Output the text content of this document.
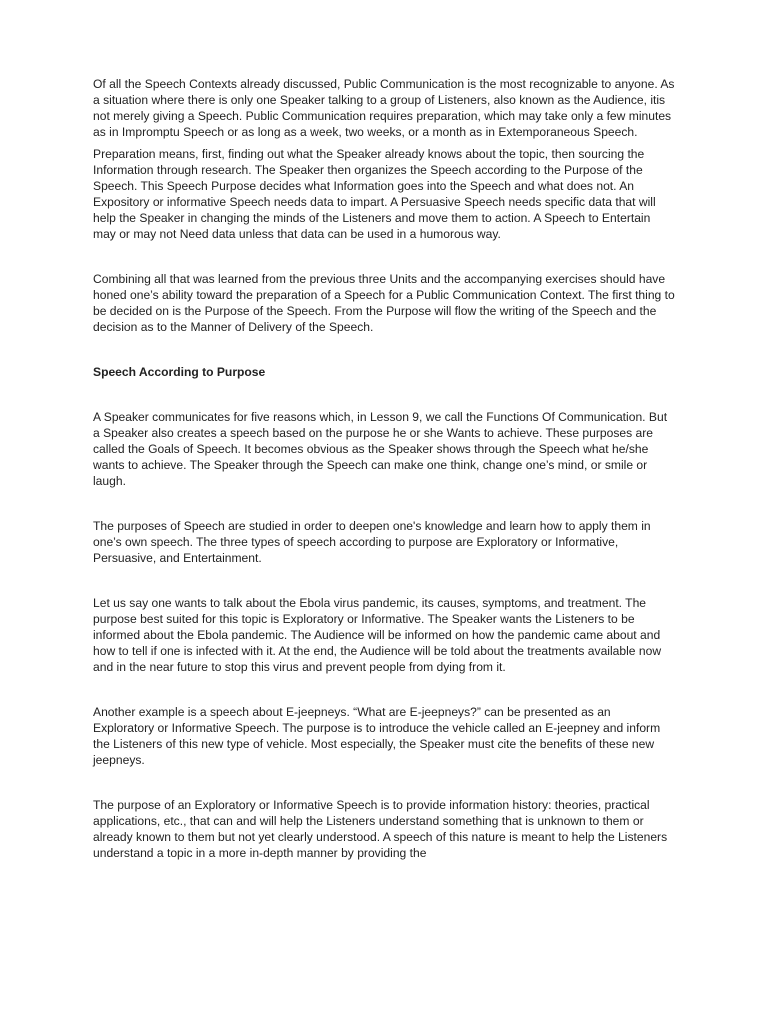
Of all the Speech Contexts already discussed, Public Communication is the most recognizable to anyone. As a situation where there is only one Speaker talking to a group of Listeners, also known as the Audience, itis not merely giving a Speech. Public Communication requires preparation, which may take only a few minutes as in Impromptu Speech or as long as a week, two weeks, or a month as in Extemporaneous Speech.

Preparation means, first, finding out what the Speaker already knows about the topic, then sourcing the Information through research. The Speaker then organizes the Speech according to the Purpose of the Speech. This Speech Purpose decides what Information goes into the Speech and what does not. An Expository or informative Speech needs data to impart. A Persuasive Speech needs specific data that will help the Speaker in changing the minds of the Listeners and move them to action. A Speech to Entertain may or may not Need data unless that data can be used in a humorous way.

Combining all that was learned from the previous three Units and the accompanying exercises should have honed one’s ability toward the preparation of a Speech for a Public Communication Context. The first thing to be decided on is the Purpose of the Speech. From the Purpose will flow the writing of the Speech and the decision as to the Manner of Delivery of the Speech.

Speech According to Purpose

A Speaker communicates for five reasons which, in Lesson 9, we call the Functions Of Communication. But a Speaker also creates a speech based on the purpose he or she Wants to achieve. These purposes are called the Goals of Speech. It becomes obvious as the Speaker shows through the Speech what he/she wants to achieve. The Speaker through the Speech can make one think, change one’s mind, or smile or laugh.

The purposes of Speech are studied in order to deepen one's knowledge and learn how to apply them in one’s own speech. The three types of speech according to purpose are Exploratory or Informative, Persuasive, and Entertainment.

Let us say one wants to talk about the Ebola virus pandemic, its causes, symptoms, and treatment. The purpose best suited for this topic is Exploratory or Informative. The Speaker wants the Listeners to be informed about the Ebola pandemic. The Audience will be informed on how the pandemic came about and how to tell if one is infected with it. At the end, the Audience will be told about the treatments available now and in the near future to stop this virus and prevent people from dying from it.

Another example is a speech about E-jeepneys. “What are E-jeepneys?” can be presented as an Exploratory or Informative Speech. The purpose is to introduce the vehicle called an E-jeepney and inform the Listeners of this new type of vehicle. Most especially, the Speaker must cite the benefits of these new jeepneys.

The purpose of an Exploratory or Informative Speech is to provide information history: theories, practical applications, etc., that can and will help the Listeners understand something that is unknown to them or already known to them but not yet clearly understood. A speech of this nature is meant to help the Listeners understand a topic in a more in-depth manner by providing the
